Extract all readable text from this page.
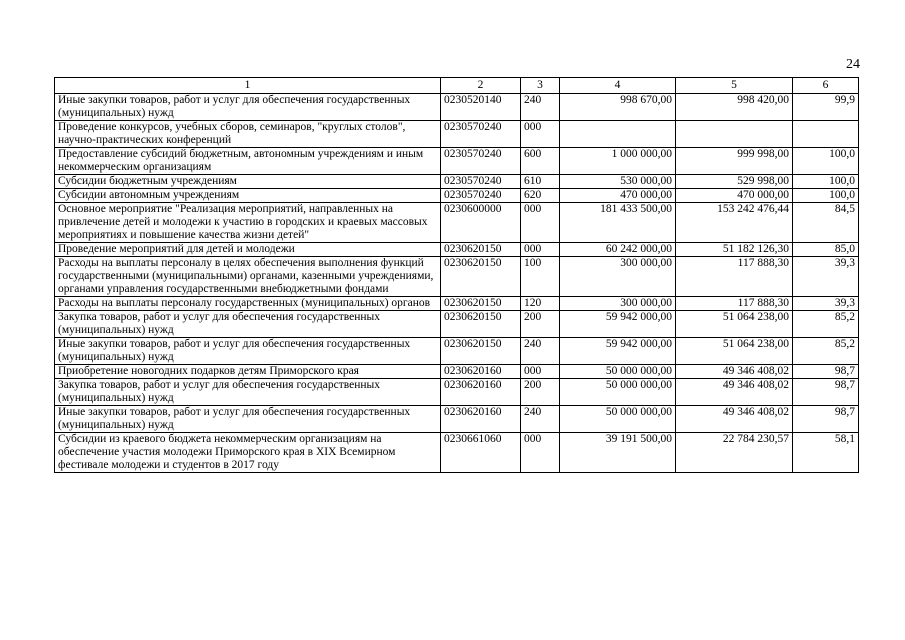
24
1	2	3	4	5	6
Иные закупки товаров, работ и услуг для обеспечения государственных (муниципальных) нужд	0230520140	240	998 670,00	998 420,00	99,9
Проведение конкурсов, учебных сборов, семинаров, "круглых столов", научно-практических конференций	0230570240	000			
Предоставление субсидий бюджетным, автономным учреждениям и иным некоммерческим организациям	0230570240	600	1 000 000,00	999 998,00	100,0
Субсидии бюджетным учреждениям	0230570240	610	530 000,00	529 998,00	100,0
Субсидии автономным учреждениям	0230570240	620	470 000,00	470 000,00	100,0
Основное мероприятие "Реализация мероприятий, направленных на привлечение детей и молодежи к участию в городских и краевых массовых мероприятиях и повышение качества жизни детей"	0230600000	000	181 433 500,00	153 242 476,44	84,5
Проведение мероприятий для детей и молодежи	0230620150	000	60 242 000,00	51 182 126,30	85,0
Расходы на выплаты персоналу в целях обеспечения выполнения функций государственными (муниципальными) органами, казенными учреждениями, органами управления государственными внебюджетными фондами	0230620150	100	300 000,00	117 888,30	39,3
Расходы на выплаты персоналу государственных (муниципальных) органов	0230620150	120	300 000,00	117 888,30	39,3
Закупка товаров, работ и услуг для обеспечения государственных (муниципальных) нужд	0230620150	200	59 942 000,00	51 064 238,00	85,2
Иные закупки товаров, работ и услуг для обеспечения государственных (муниципальных) нужд	0230620150	240	59 942 000,00	51 064 238,00	85,2
Приобретение новогодних подарков детям Приморского края	0230620160	000	50 000 000,00	49 346 408,02	98,7
Закупка товаров, работ и услуг для обеспечения государственных (муниципальных) нужд	0230620160	200	50 000 000,00	49 346 408,02	98,7
Иные закупки товаров, работ и услуг для обеспечения государственных (муниципальных) нужд	0230620160	240	50 000 000,00	49 346 408,02	98,7
Субсидии из краевого бюджета некоммерческим организациям на обеспечение участия молодежи Приморского края в XIX Всемирном фестивале молодежи и студентов в 2017 году	0230661060	000	39 191 500,00	22 784 230,57	58,1
